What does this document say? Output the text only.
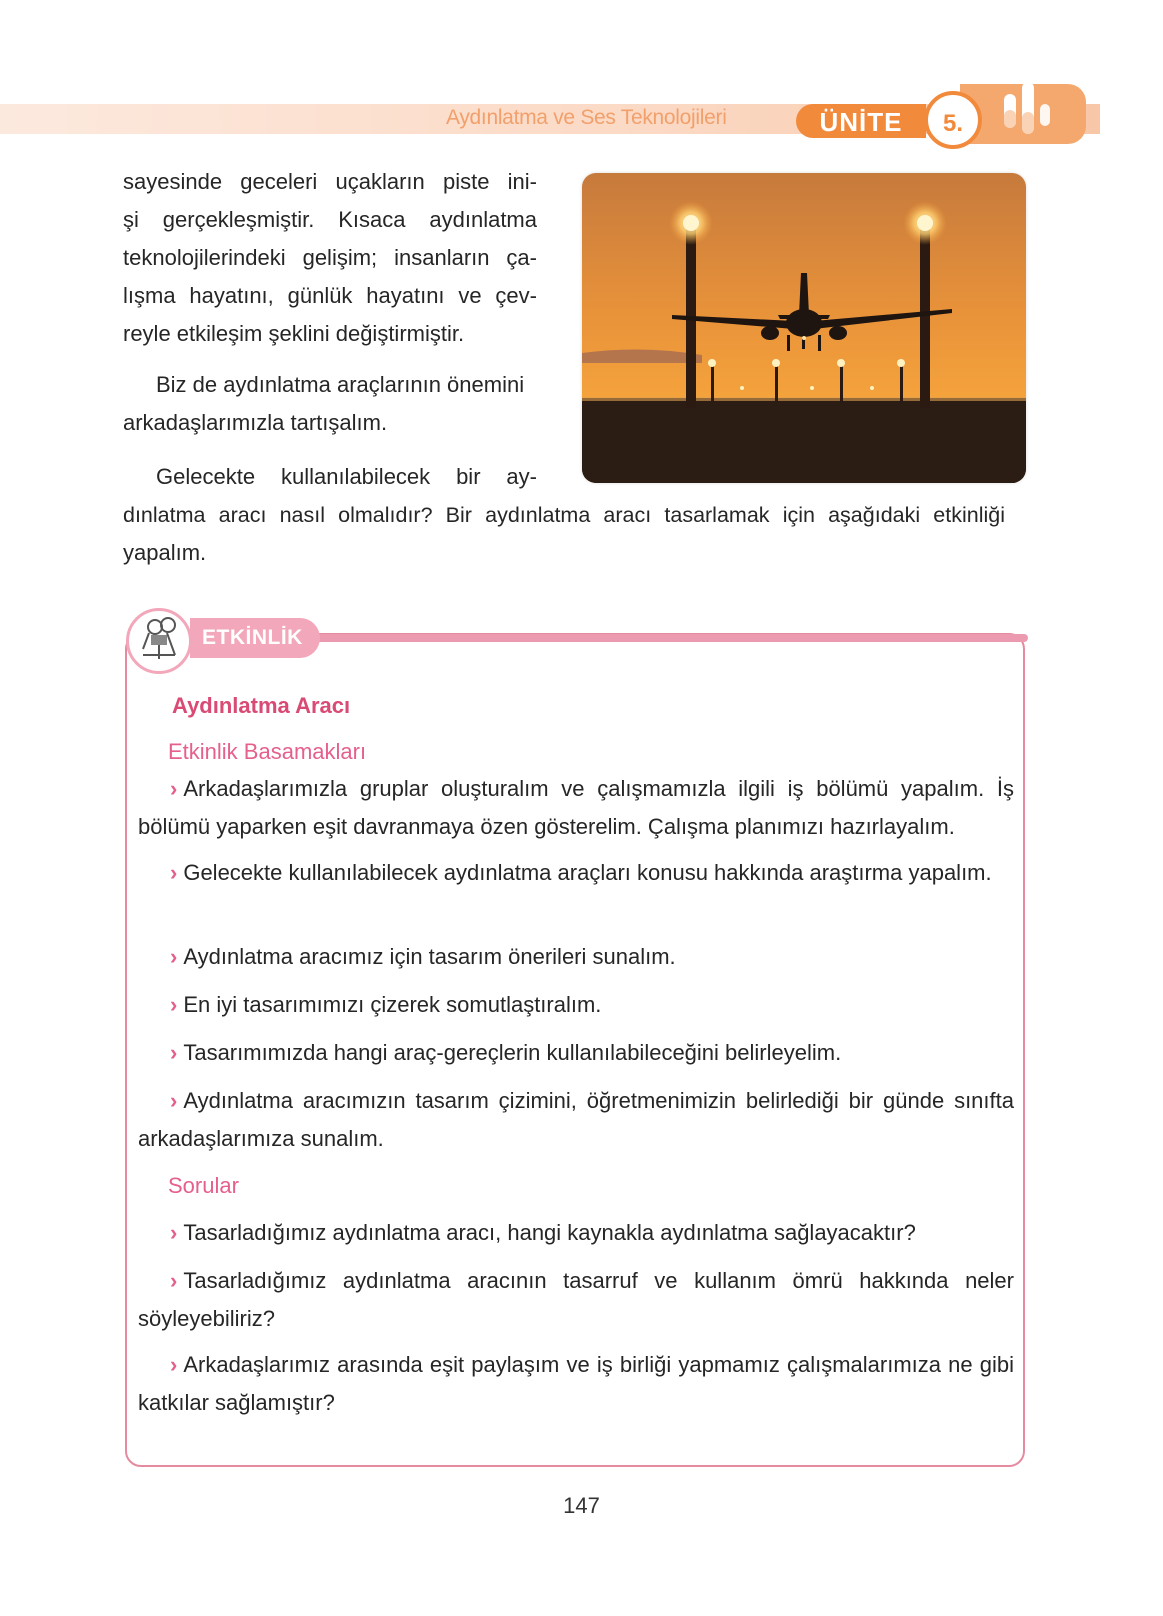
Aydınlatma ve Ses Teknolojileri	ÜNİTE	5.
sayesinde geceleri uçakların piste ini-
şi gerçekleşmiştir. Kısaca aydınlatma
teknolojilerindeki gelişim; insanların ça-
lışma hayatını, günlük hayatını ve çev-
reyle etkileşim şeklini değiştirmiştir.
Biz de aydınlatma araçlarının önemini
arkadaşlarımızla tartışalım.
Gelecekte kullanılabilecek bir ay-
dınlatma aracı nasıl olmalıdır? Bir aydınlatma aracı tasarlamak için aşağıdaki etkinliği
yapalım.
ETKİNLİK
Aydınlatma Aracı
Etkinlik Basamakları
› Arkadaşlarımızla gruplar oluşturalım ve çalışmamızla ilgili iş bölümü yapalım. İş bölümü yaparken eşit davranmaya özen gösterelim. Çalışma planımızı hazırlayalım.
› Gelecekte kullanılabilecek aydınlatma araçları konusu hakkında araştırma yapalım.
› Aydınlatma aracımız için tasarım önerileri sunalım.
› En iyi tasarımımızı çizerek somutlaştıralım.
› Tasarımımızda hangi araç-gereçlerin kullanılabileceğini belirleyelim.
› Aydınlatma aracımızın tasarım çizimini, öğretmenimizin belirlediği bir günde sınıfta arkadaşlarımıza sunalım.
Sorular
› Tasarladığımız aydınlatma aracı, hangi kaynakla aydınlatma sağlayacaktır?
› Tasarladığımız aydınlatma aracının tasarruf ve kullanım ömrü hakkında neler söyleyebiliriz?
› Arkadaşlarımız arasında eşit paylaşım ve iş birliği yapmamız çalışmalarımıza ne gibi katkılar sağlamıştır?
147
